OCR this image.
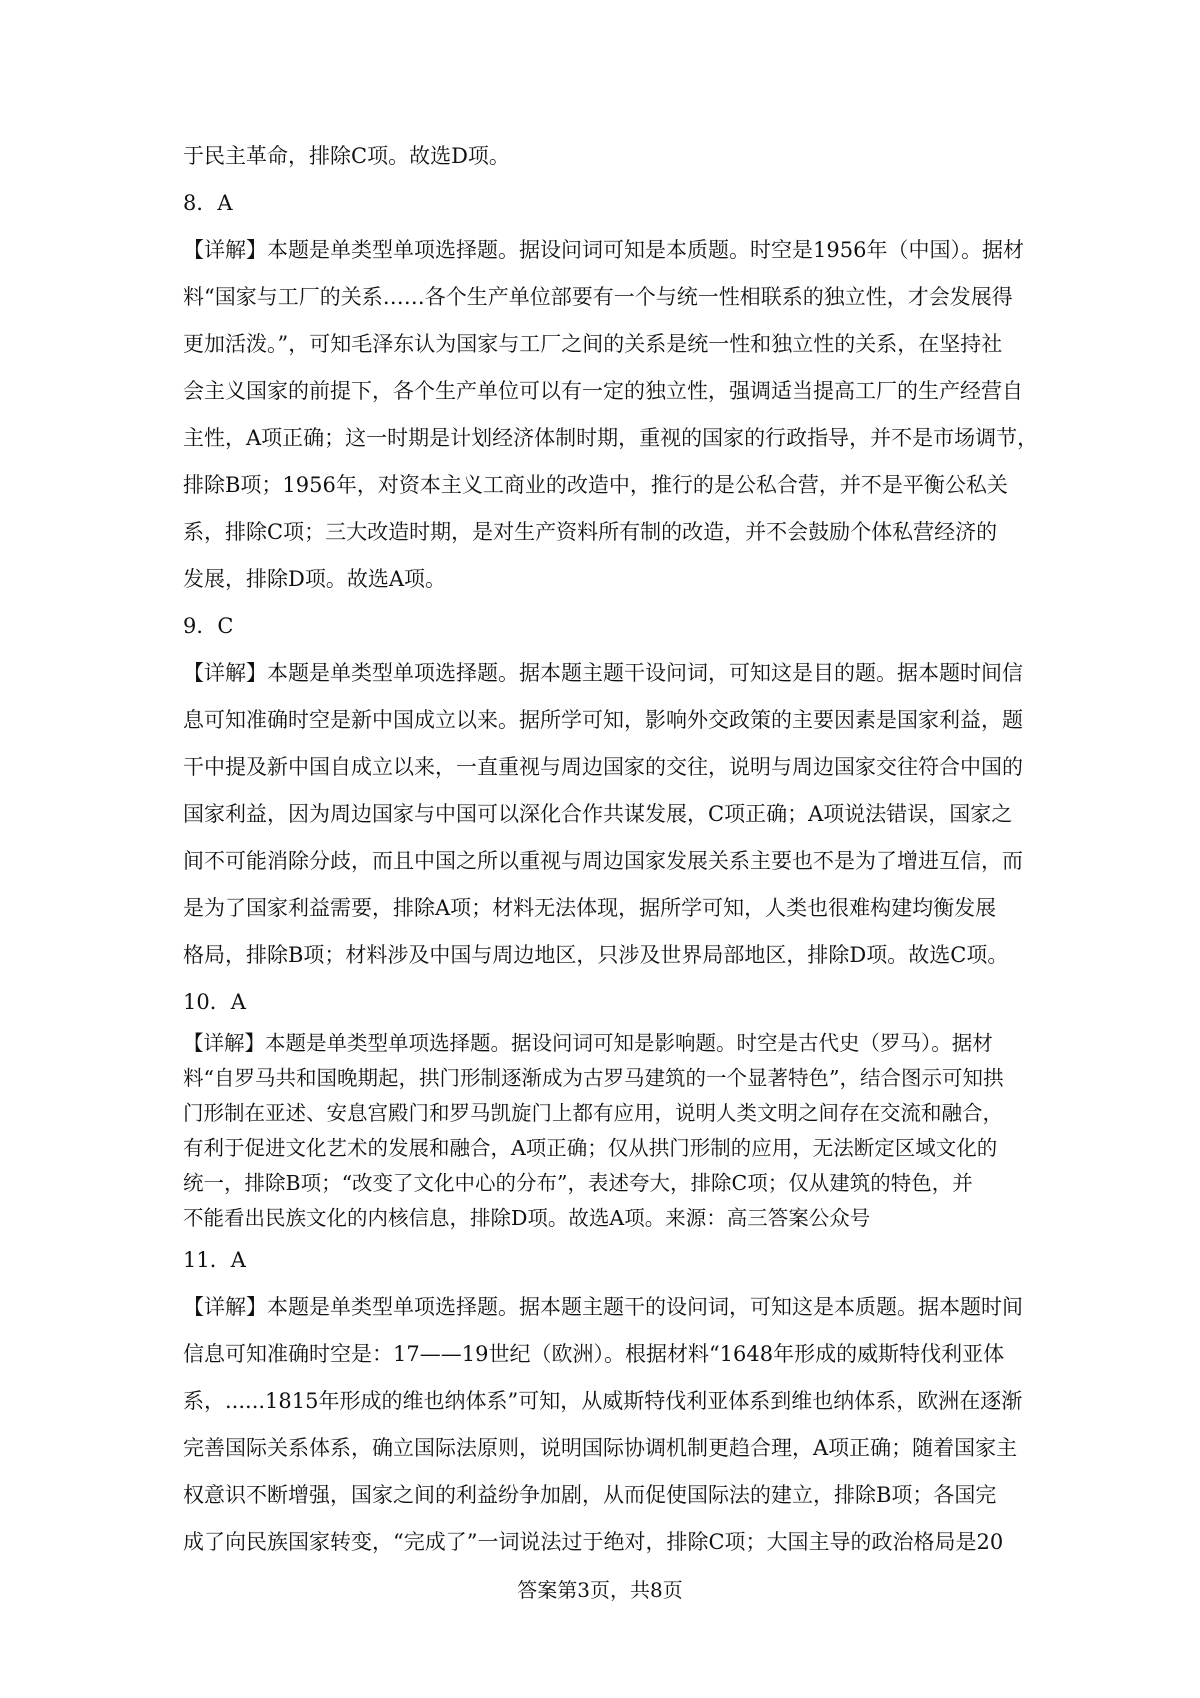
于民主革命，排除C项。故选D项。

8．A

【详解】本题是单类型单项选择题。据设问词可知是本质题。时空是1956年（中国）。据材

料“国家与工厂的关系……各个生产单位部要有一个与统一性相联系的独立性，才会发展得

更加活泼。”，可知毛泽东认为国家与工厂之间的关系是统一性和独立性的关系，在坚持社

会主义国家的前提下，各个生产单位可以有一定的独立性，强调适当提高工厂的生产经营自

主性，A项正确；这一时期是计划经济体制时期，重视的国家的行政指导，并不是市场调节，

排除B项；1956年，对资本主义工商业的改造中，推行的是公私合营，并不是平衡公私关

系，排除C项；三大改造时期，是对生产资料所有制的改造，并不会鼓励个体私营经济的

发展，排除D项。故选A项。

9．C

【详解】本题是单类型单项选择题。据本题主题干设问词，可知这是目的题。据本题时间信

息可知准确时空是新中国成立以来。据所学可知，影响外交政策的主要因素是国家利益，题

干中提及新中国自成立以来，一直重视与周边国家的交往，说明与周边国家交往符合中国的

国家利益，因为周边国家与中国可以深化合作共谋发展，C项正确；A项说法错误，国家之

间不可能消除分歧，而且中国之所以重视与周边国家发展关系主要也不是为了增进互信，而

是为了国家利益需要，排除A项；材料无法体现，据所学可知，人类也很难构建均衡发展

格局，排除B项；材料涉及中国与周边地区，只涉及世界局部地区，排除D项。故选C项。

10．A

【详解】本题是单类型单项选择题。据设问词可知是影响题。时空是古代史（罗马）。据材

料“自罗马共和国晚期起，拱门形制逐渐成为古罗马建筑的一个显著特色”，结合图示可知拱

门形制在亚述、安息宫殿门和罗马凯旋门上都有应用，说明人类文明之间存在交流和融合，

有利于促进文化艺术的发展和融合，A项正确；仅从拱门形制的应用，无法断定区域文化的

统一，排除B项；“改变了文化中心的分布”，表述夸大，排除C项；仅从建筑的特色，并

不能看出民族文化的内核信息，排除D项。故选A项。来源：高三答案公众号

11．A

【详解】本题是单类型单项选择题。据本题主题干的设问词，可知这是本质题。据本题时间

信息可知准确时空是：17——19世纪（欧洲）。根据材料“1648年形成的威斯特伐利亚体

系，......1815年形成的维也纳体系”可知，从威斯特伐利亚体系到维也纳体系，欧洲在逐渐

完善国际关系体系，确立国际法原则，说明国际协调机制更趋合理，A项正确；随着国家主

权意识不断增强，国家之间的利益纷争加剧，从而促使国际法的建立，排除B项；各国完

成了向民族国家转变，“完成了”一词说法过于绝对，排除C项；大国主导的政治格局是20

答案第3页，共8页
